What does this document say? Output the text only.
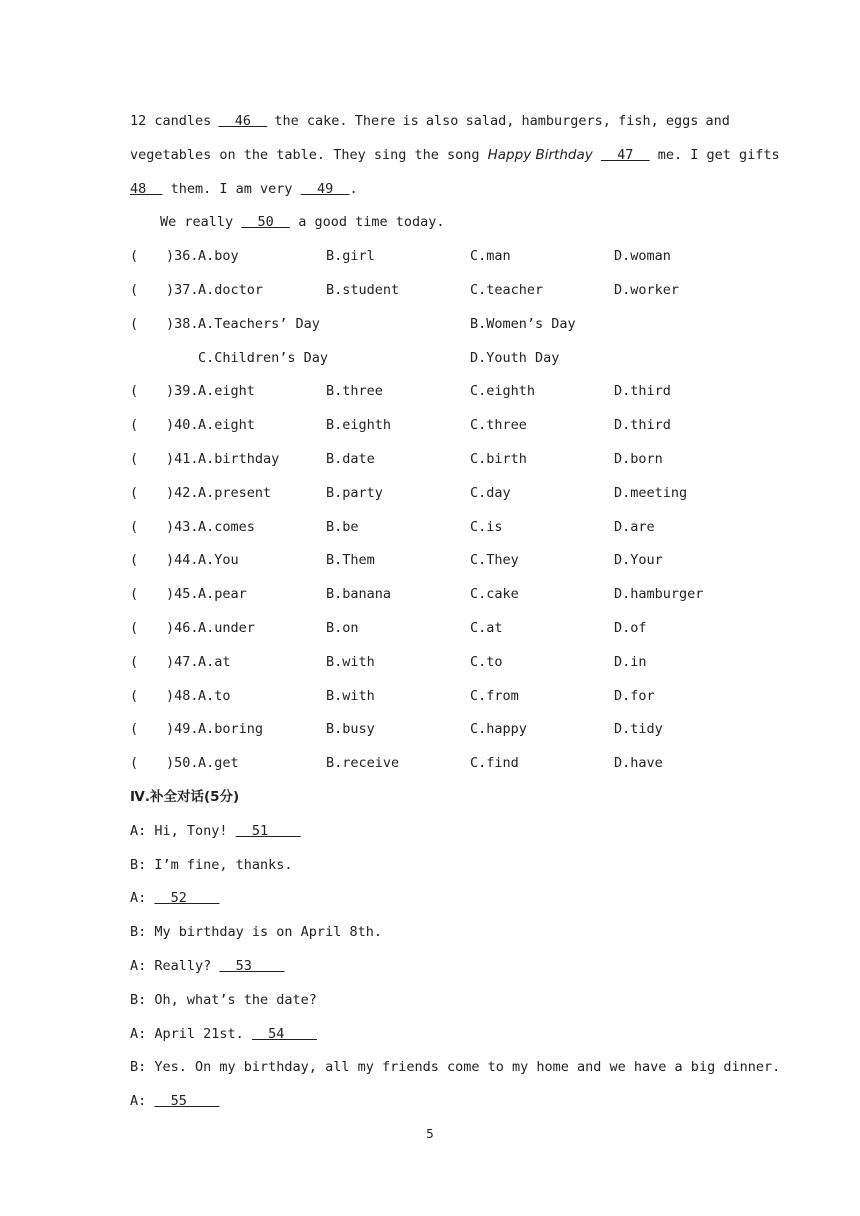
12 candles 46 the cake. There is also salad, hamburgers, fish, eggs and
vegetables on the table. They sing the song Happy Birthday   47   me. I get gifts
48   them. I am very   49  .
We really   50   a good time today.
( )36. A.boy	B.girl	C.man	D.woman
( )37. A.doctor	B.student	C.teacher	D.worker
( )38. A.Teachers’ Day	B.Women’s Day
C.Children’s Day	D.Youth Day
( )39. A.eight	B.three	C.eighth	D.third
( )40. A.eight	B.eighth	C.three	D.third
( )41. A.birthday	B.date	C.birth	D.born
( )42. A.present	B.party	C.day	D.meeting
( )43. A.comes	B.be	C.is	D.are
( )44. A.You	B.Them	C.They	D.Your
( )45. A.pear	B.banana	C.cake	D.hamburger
( )46. A.under	B.on	C.at	D.of
( )47. A.at	B.with	C.to	D.in
( )48. A.to	B.with	C.from	D.for
( )49. A.boring	B.busy	C.happy	D.tidy
( )50. A.get	B.receive	C.find	D.have
Ⅳ.补全对话(5分)
A: Hi, Tony!   51
B: I’m fine, thanks.
A:   52
B: My birthday is on April 8th.
A: Really?   53
B: Oh, what’s the date?
A: April 21st.   54
B: Yes. On my birthday, all my friends come to my home and we have a big dinner.
A:   55
5
